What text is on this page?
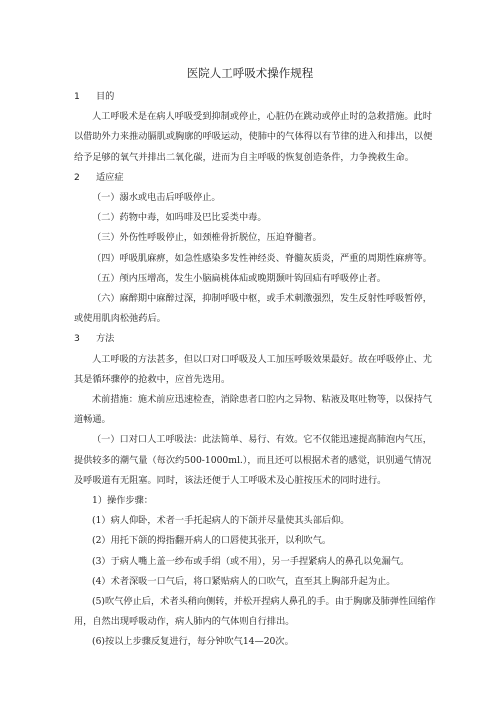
医院人工呼吸术操作规程

1	目的

人工呼吸术是在病人呼吸受到抑制或停止，心脏仍在跳动或停止时的急救措施。此时以借助外力来推动膈肌或胸廓的呼吸运动，使肺中的气体得以有节律的进入和排出，以便给予足够的氧气并排出二氧化碳，进而为自主呼吸的恢复创造条件，力争挽救生命。

2	适应症

（一）溺水或电击后呼吸停止。

（二）药物中毒，如吗啡及巴比妥类中毒。

（三）外伤性呼吸停止，如颈椎骨折脱位，压迫脊髓者。

（四）呼吸肌麻痹，如急性感染多发性神经炎、脊髓灰质炎，严重的周期性麻痹等。

（五）颅内压增高，发生小脑扁桃体疝或晚期颞叶钩回疝有呼吸停止者。

（六）麻醉期中麻醉过深，抑制呼吸中枢，或手术刺激强烈，发生反射性呼吸暂停，或使用肌肉松弛药后。

3	方法

人工呼吸的方法甚多，但以口对口呼吸及人工加压呼吸效果最好。故在呼吸停止、尤其是循环骤停的抢救中，应首先选用。

术前措施：施术前应迅速检查，消除患者口腔内之异物、粘液及呕吐物等，以保持气道畅通。

（一）口对口人工呼吸法：此法简单、易行、有效。它不仅能迅速提高肺泡内气压，提供较多的潮气量（每次约500-1000ml.），而且还可以根据术者的感觉，识别通气情况及呼吸道有无阻塞。同时，该法还便于人工呼吸术及心脏按压术的同时进行。

1）操作步骤：

(1）病人仰卧，术者一手托起病人的下颌并尽量使其头部后仰。

(2）用托下颌的拇指翻开病人的口唇使其张开，以利吹气。

(3）于病人嘴上盖一纱布或手绢（或不用），另一手捏紧病人的鼻孔以免漏气。

(4）术者深吸一口气后，将口紧贴病人的口吹气，直至其上胸部升起为止。

(5)吹气停止后，术者头稍向侧转，并松开捏病人鼻孔的手。由于胸廓及肺弹性回缩作用，自然出现呼吸动作，病人肺内的气体则自行排出。

(6)按以上步骤反复进行，每分钟吹气14—20次。
